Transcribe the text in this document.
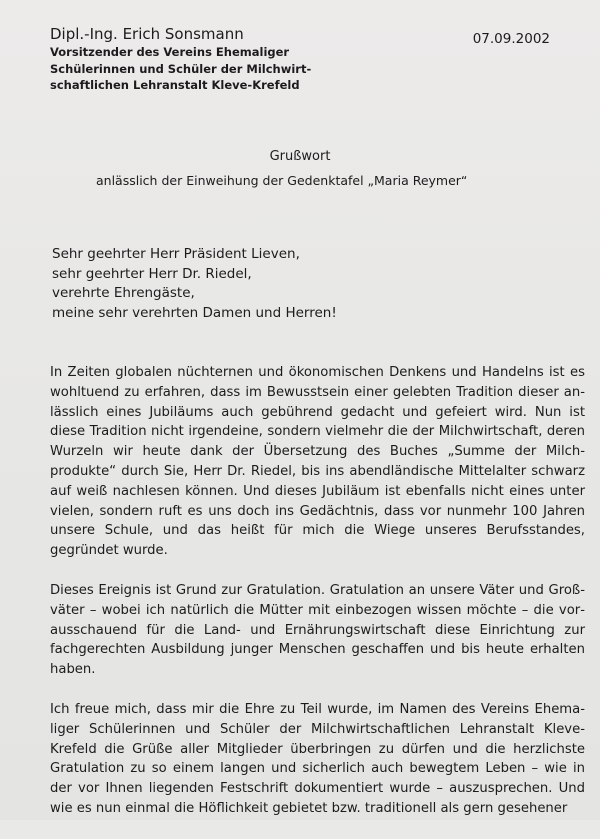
Dipl.-Ing. Erich Sonsmann

Vorsitzender des Vereins Ehemaliger

Schülerinnen und Schüler der Milchwirt-

schaftlichen Lehranstalt Kleve-Krefeld

07.09.2002
Grußwort
anlässlich der Einweihung der Gedenktafel „Maria Reymer“

Sehr geehrter Herr Präsident Lieven,

sehr geehrter Herr Dr. Riedel,

verehrte Ehrengäste,

meine sehr verehrten Damen und Herren!

In Zeiten globalen nüchternen und ökonomischen Denkens und Handelns ist es wohltuend zu erfahren, dass im Bewusstsein einer gelebten Tradition dieser anlässlich eines Jubiläums auch gebührend gedacht und gefeiert wird. Nun ist diese Tradition nicht irgendeine, sondern vielmehr die der Milchwirtschaft, deren Wurzeln wir heute dank der Übersetzung des Buches „Summe der Milchprodukte“ durch Sie, Herr Dr. Riedel, bis ins abendländische Mittelalter schwarz auf weiß nachlesen können. Und dieses Jubiläum ist ebenfalls nicht eines unter vielen, sondern ruft es uns doch ins Gedächtnis, dass vor nunmehr 100 Jahren unsere Schule, und das heißt für mich die Wiege unseres Berufsstandes, gegründet wurde.

Dieses Ereignis ist Grund zur Gratulation. Gratulation an unsere Väter und Großväter – wobei ich natürlich die Mütter mit einbezogen wissen möchte – die vorausschauend für die Land- und Ernährungswirtschaft diese Einrichtung zur fachgerechten Ausbildung junger Menschen geschaffen und bis heute erhalten haben.

Ich freue mich, dass mir die Ehre zu Teil wurde, im Namen des Vereins Ehemaliger Schülerinnen und Schüler der Milchwirtschaftlichen Lehranstalt Kleve-Krefeld die Grüße aller Mitglieder überbringen zu dürfen und die herzlichste Gratulation zu so einem langen und sicherlich auch bewegtem Leben – wie in der vor Ihnen liegenden Festschrift dokumentiert wurde – auszusprechen. Und wie es nun einmal die Höflichkeit gebietet bzw. traditionell als gern gesehener
